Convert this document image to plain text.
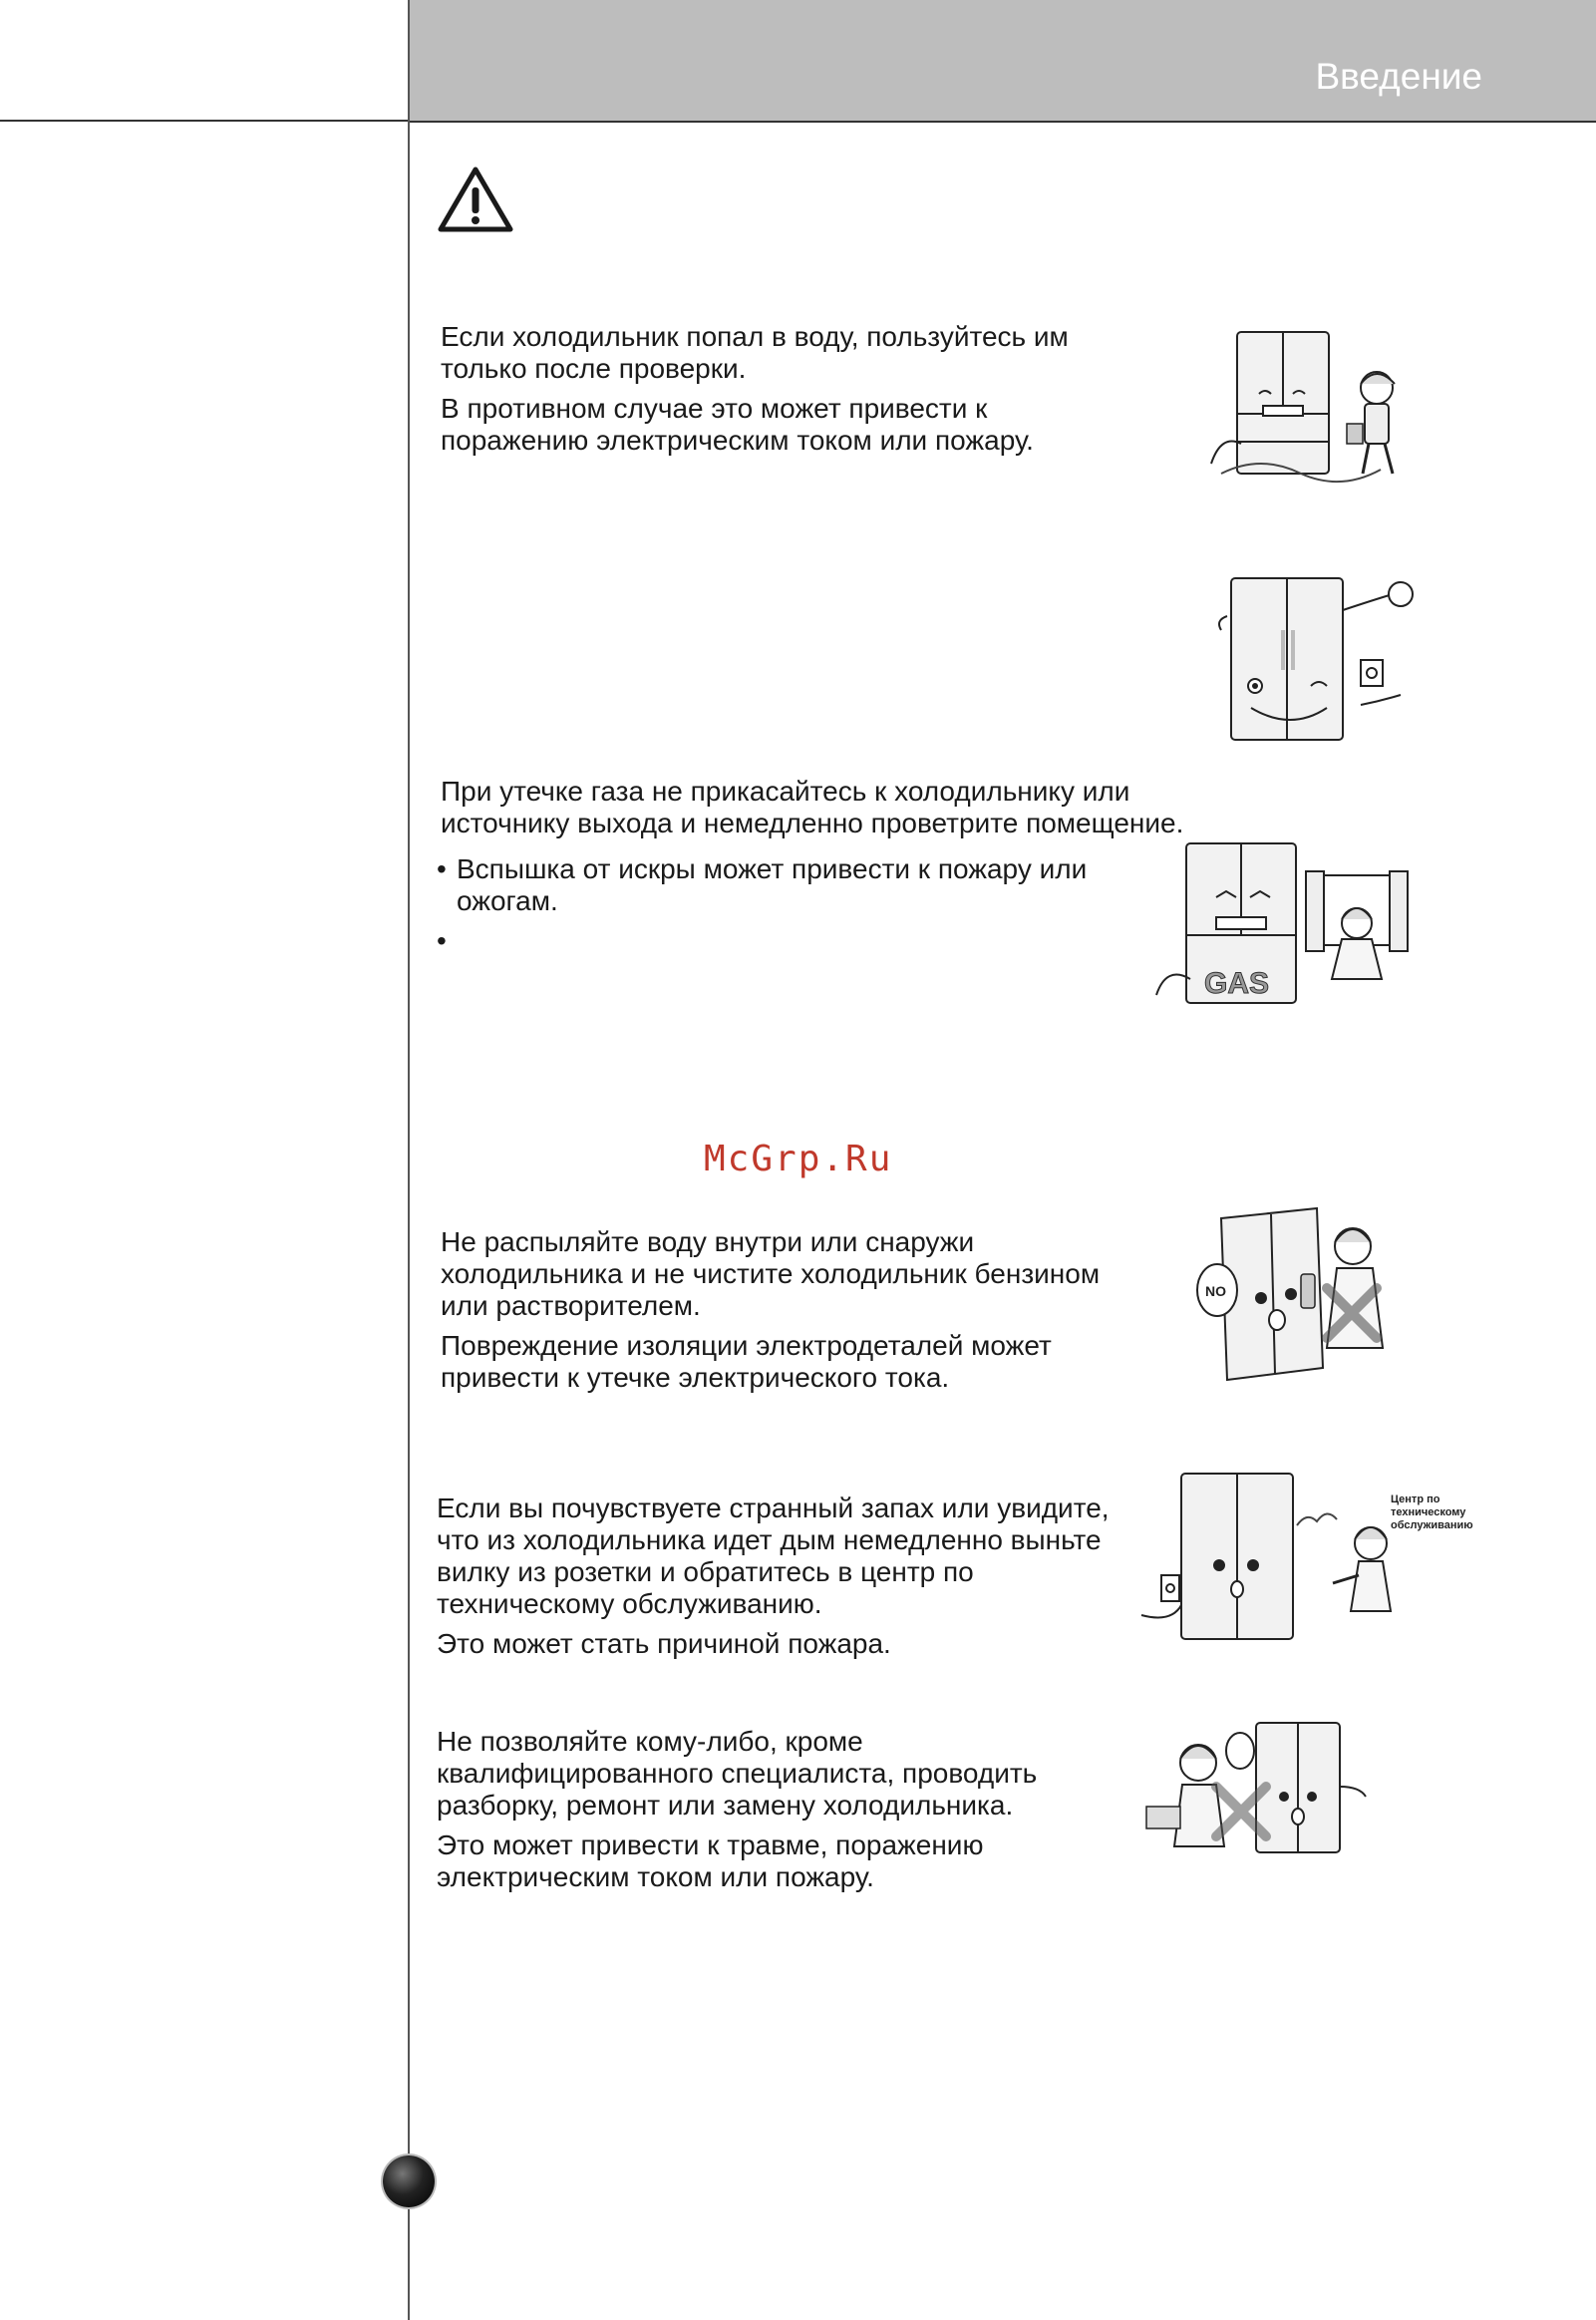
Введение

Если холодильник попал в воду, пользуйтесь им
только после проверки.

В противном случае это может привести к
поражению электрическим током или пожару.

При утечке газа не прикасайтесь к холодильнику или
источнику выхода и немедленно проветрите помещение.

• Вспышка от искры может привести к пожару или
ожогам.
•
GAS
McGrp.Ru

Не распыляйте воду внутри или снаружи
холодильника и не чистите холодильник бензином
или растворителем.

Повреждение изоляции электродеталей может
привести к утечке электрического тока.

NO

Если вы почувствуете странный запах или увидите,
что из холодильника идет дым немедленно выньте
вилку из розетки и обратитесь в центр по
техническому обслуживанию.

Это может стать причиной пожара.

Центр по
техническому
обслуживанию

Не позволяйте кому-либо, кроме
квалифицированного специалиста, проводить
разборку, ремонт или замену холодильника.

Это может привести к травме, поражению
электрическим током или пожару.
